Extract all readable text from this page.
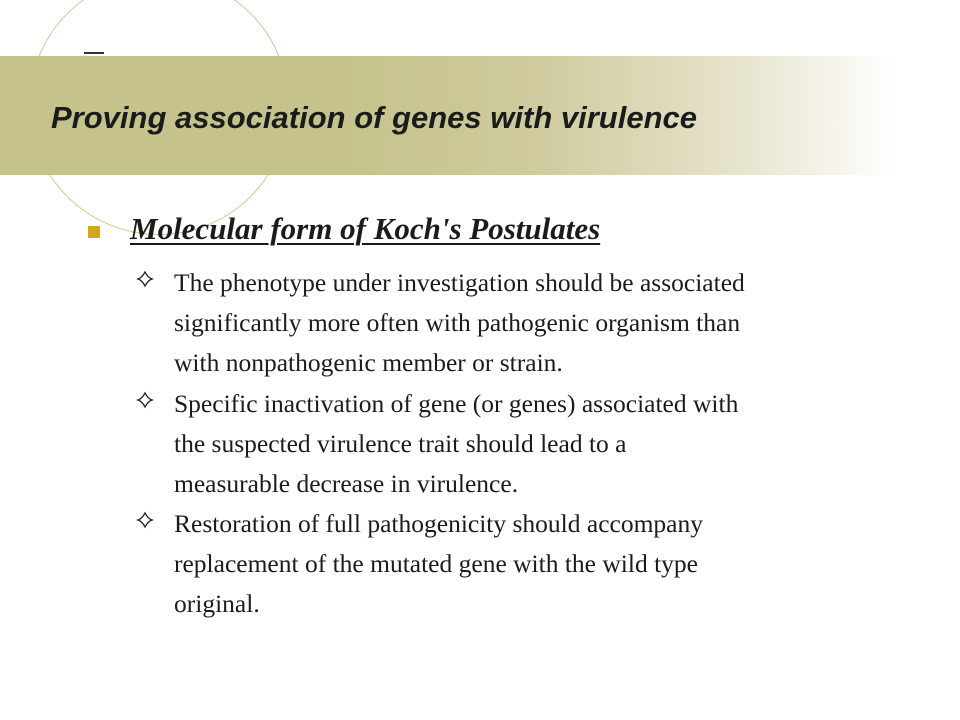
Proving association of genes with virulence
Molecular form of Koch's Postulates
The phenotype under investigation should be associated
significantly more often with pathogenic organism than
with nonpathogenic member or strain.
Specific inactivation of gene (or genes) associated with
the suspected virulence trait should lead to a
measurable decrease in virulence.
Restoration of full pathogenicity should accompany
replacement of the mutated gene with the wild type
original.
